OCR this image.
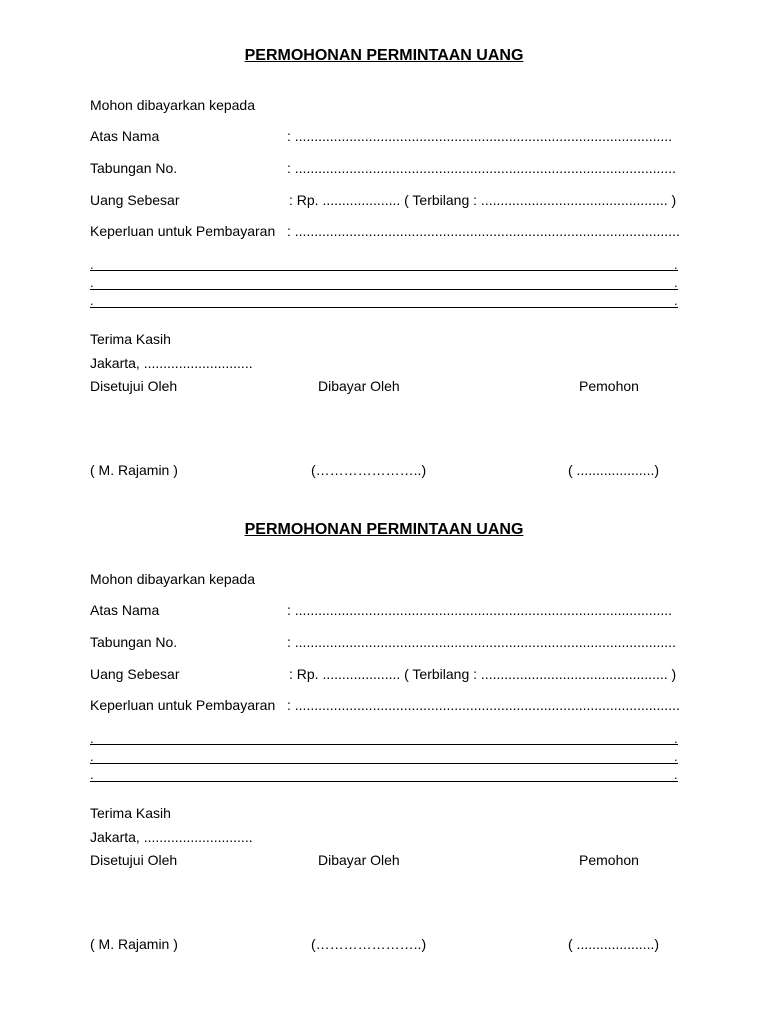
PERMOHONAN PERMINTAAN UANG
Mohon dibayarkan kepada
Atas Nama	: .................................................................................................
Tabungan No.	: ..................................................................................................
Uang Sebesar	: Rp. .................... ( Terbilang : ................................................ )
Keperluan untuk Pembayaran : ...................................................................................................
.	.
.	.
.	.
Terima Kasih
Jakarta, ............................
Disetujui Oleh	Dibayar Oleh	Pemohon
( M. Rajamin )	(…………………..)	( ....................)
PERMOHONAN PERMINTAAN UANG
Mohon dibayarkan kepada
Atas Nama	: .................................................................................................
Tabungan No.	: ..................................................................................................
Uang Sebesar	: Rp. .................... ( Terbilang : ................................................ )
Keperluan untuk Pembayaran : ...................................................................................................
.	.
.	.
.	.
Terima Kasih
Jakarta, ............................
Disetujui Oleh	Dibayar Oleh	Pemohon
( M. Rajamin )	(…………………..)	( ....................)
